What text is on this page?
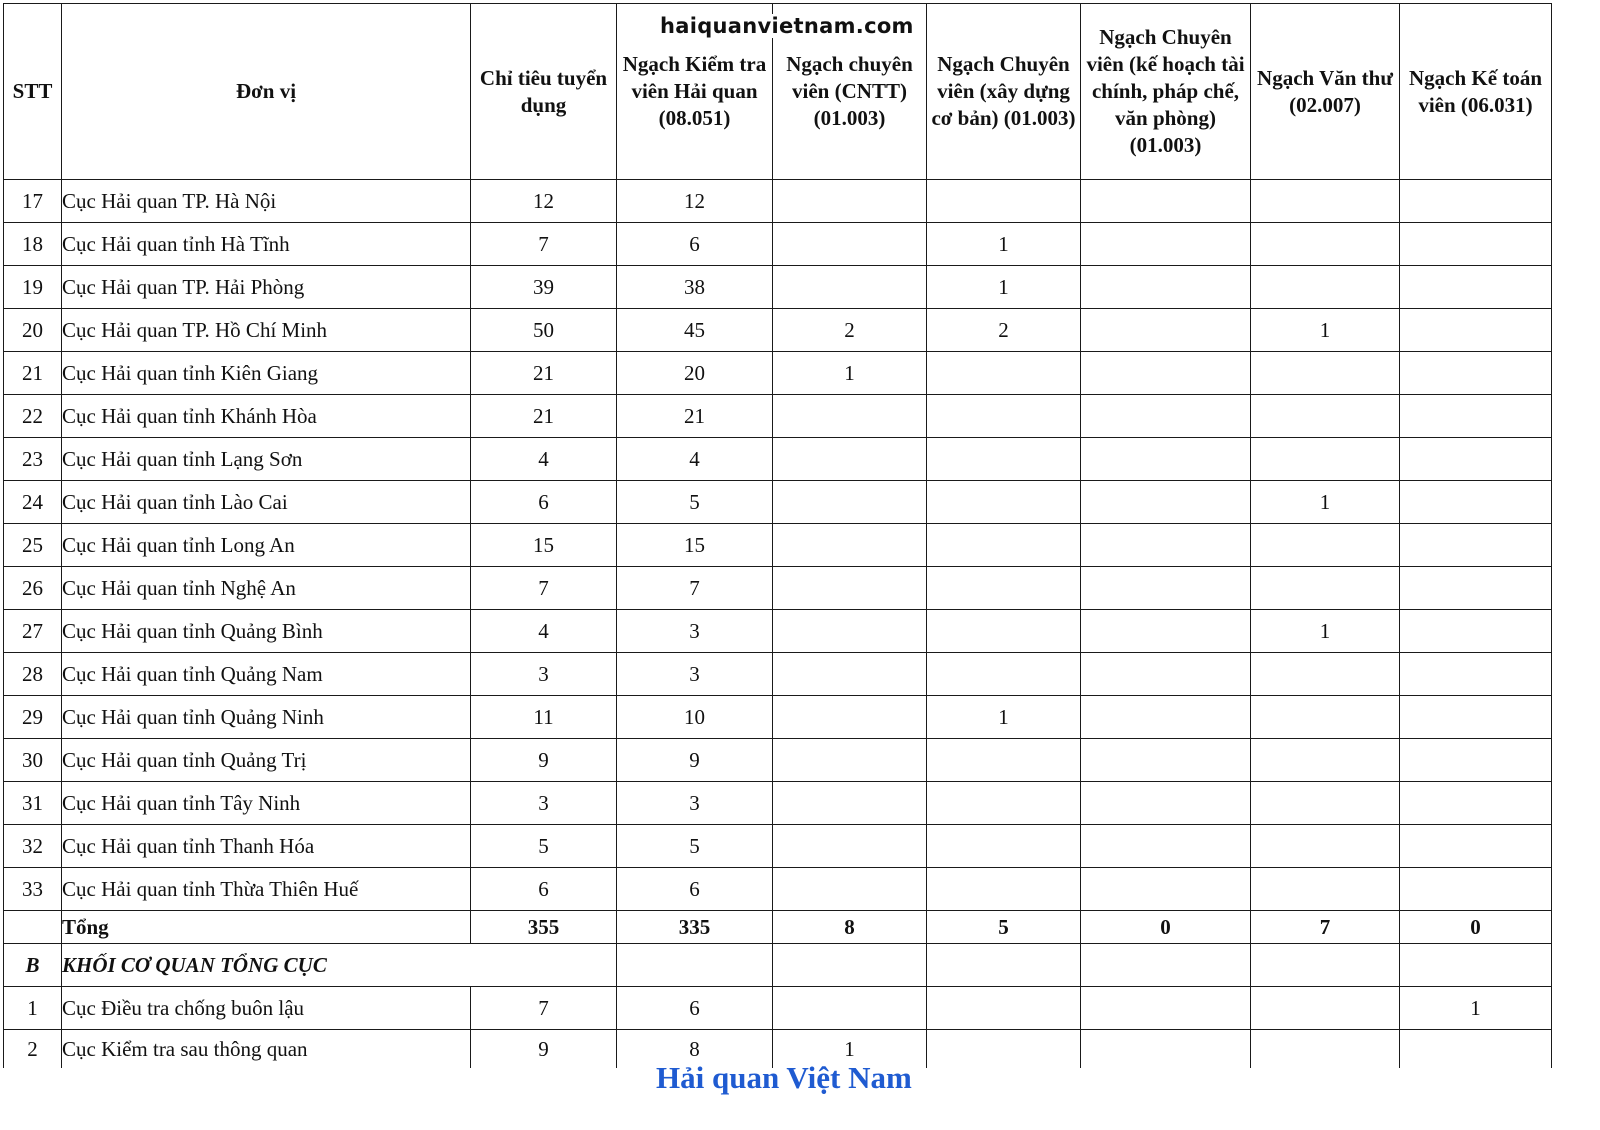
STT	Đơn vị	Chỉ tiêu tuyển dụng	Ngạch Kiểm tra viên Hải quan (08.051)	Ngạch chuyên viên (CNTT) (01.003)	Ngạch Chuyên viên (xây dựng cơ bản) (01.003)	Ngạch Chuyên viên (kế hoạch tài chính, pháp chế, văn phòng) (01.003)	Ngạch Văn thư (02.007)	Ngạch Kế toán viên (06.031)
17	Cục Hải quan TP. Hà Nội	12	12					
18	Cục Hải quan tỉnh Hà Tĩnh	7	6		1			
19	Cục Hải quan TP. Hải Phòng	39	38		1			
20	Cục Hải quan TP. Hồ Chí Minh	50	45	2	2		1	
21	Cục Hải quan tỉnh Kiên Giang	21	20	1				
22	Cục Hải quan tỉnh Khánh Hòa	21	21					
23	Cục Hải quan tỉnh Lạng Sơn	4	4					
24	Cục Hải quan tỉnh Lào Cai	6	5				1	
25	Cục Hải quan tỉnh Long An	15	15					
26	Cục Hải quan tỉnh Nghệ An	7	7					
27	Cục Hải quan tỉnh Quảng Bình	4	3				1	
28	Cục Hải quan tỉnh Quảng Nam	3	3					
29	Cục Hải quan tỉnh Quảng Ninh	11	10		1			
30	Cục Hải quan tỉnh Quảng Trị	9	9					
31	Cục Hải quan tỉnh Tây Ninh	3	3					
32	Cục Hải quan tỉnh Thanh Hóa	5	5					
33	Cục Hải quan tỉnh Thừa Thiên Huế	6	6					
	Tổng	355	335	8	5	0	7	0
B	KHỐI CƠ QUAN TỔNG CỤC							
1	Cục Điều tra chống buôn lậu	7	6					1
2	Cục Kiểm tra sau thông quan	9	8	1				
haiquanvietnam.com
Hải quan Việt Nam
